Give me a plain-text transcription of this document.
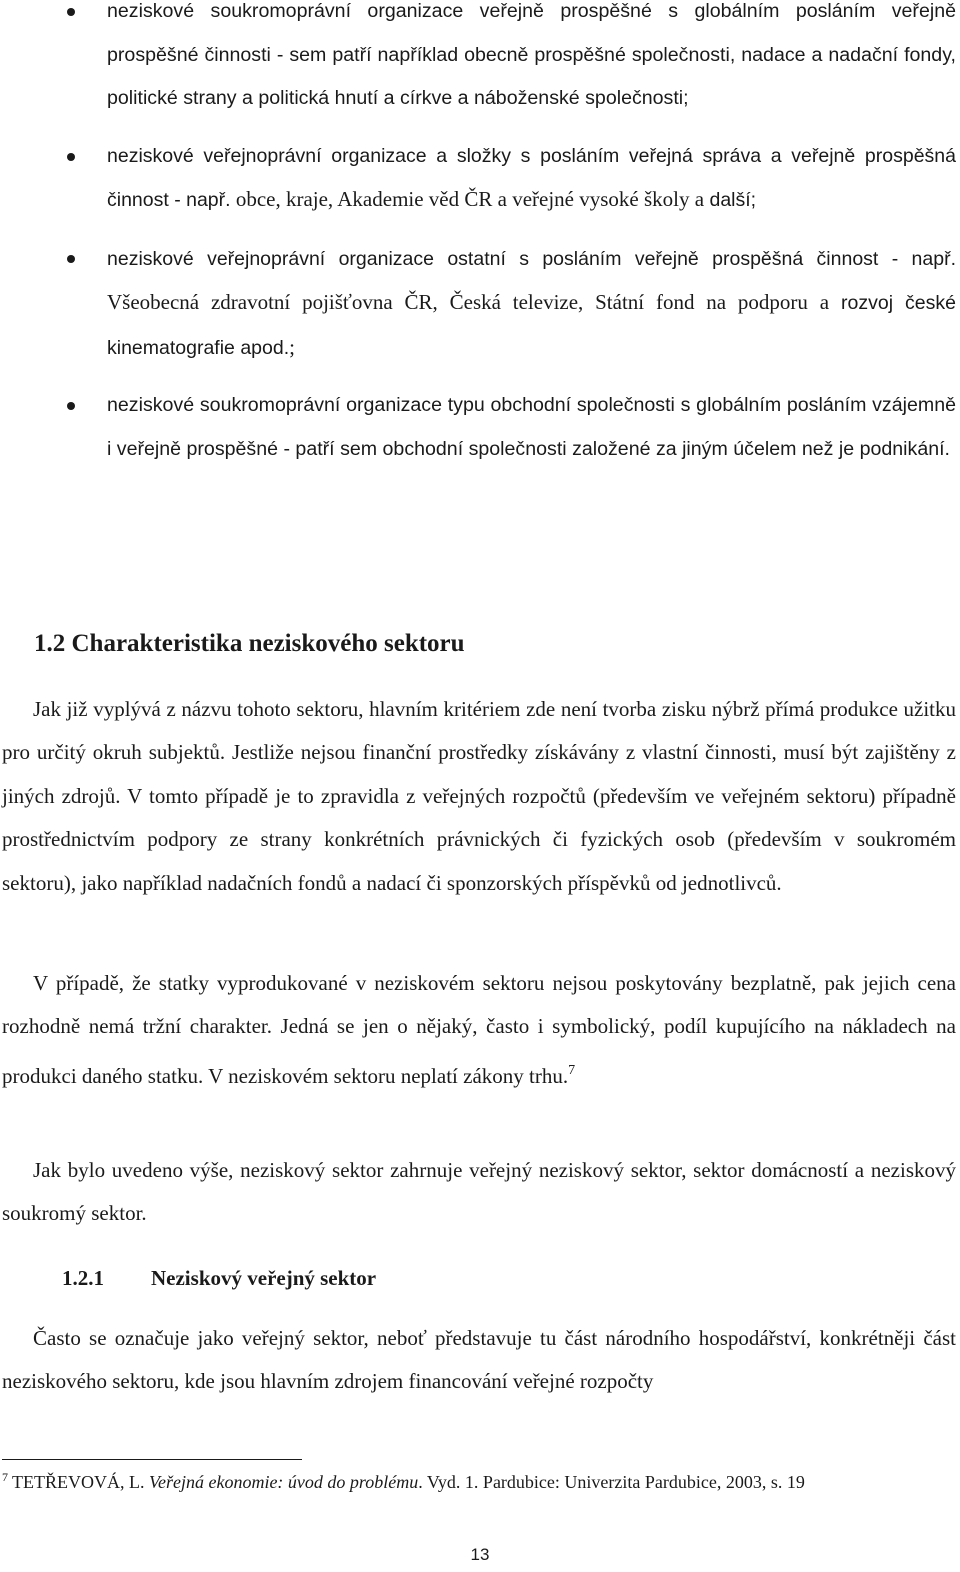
neziskové soukromoprávní organizace veřejně prospěšné s globálním posláním veřejně prospěšné činnosti - sem patří například obecně prospěšné společnosti, nadace a nadační fondy, politické strany a politická hnutí a církve a náboženské společnosti;
neziskové veřejnoprávní organizace a složky s posláním veřejná správa a veřejně prospěšná činnost - např. obce, kraje, Akademie věd ČR a veřejné vysoké školy a další;
neziskové veřejnoprávní organizace ostatní s posláním veřejně prospěšná činnost - např. Všeobecná zdravotní pojišťovna ČR, Česká televize, Státní fond na podporu a rozvoj české kinematografie apod.;
neziskové soukromoprávní organizace typu obchodní společnosti s globálním posláním vzájemně i veřejně prospěšné - patří sem obchodní společnosti založené za jiným účelem než je podnikání.
1.2 Charakteristika neziskového sektoru

Jak již vyplývá z názvu tohoto sektoru, hlavním kritériem zde není tvorba zisku nýbrž přímá produkce užitku pro určitý okruh subjektů. Jestliže nejsou finanční prostředky získávány z vlastní činnosti, musí být zajištěny z jiných zdrojů. V tomto případě je to zpravidla z veřejných rozpočtů (především ve veřejném sektoru) případně prostřednictvím podpory ze strany konkrétních právnických či fyzických osob (především v soukromém sektoru), jako například nadačních fondů a nadací či sponzorských příspěvků od jednotlivců.

V případě, že statky vyprodukované v neziskovém sektoru nejsou poskytovány bezplatně, pak jejich cena rozhodně nemá tržní charakter. Jedná se jen o nějaký, často i symbolický, podíl kupujícího na nákladech na produkci daného statku. V neziskovém sektoru neplatí zákony trhu.$^7$

Jak bylo uvedeno výše, neziskový sektor zahrnuje veřejný neziskový sektor, sektor domácností a neziskový soukromý sektor.

1.2.1 Neziskový veřejný sektor

Často se označuje jako veřejný sektor, neboť představuje tu část národního hospodářství, konkrétněji část neziskového sektoru, kde jsou hlavním zdrojem financování veřejné rozpočty

$^7$ TETŘEVOVÁ, L. Veřejná ekonomie: úvod do problému. Vyd. 1. Pardubice: Univerzita Pardubice, 2003, s. 19

13
